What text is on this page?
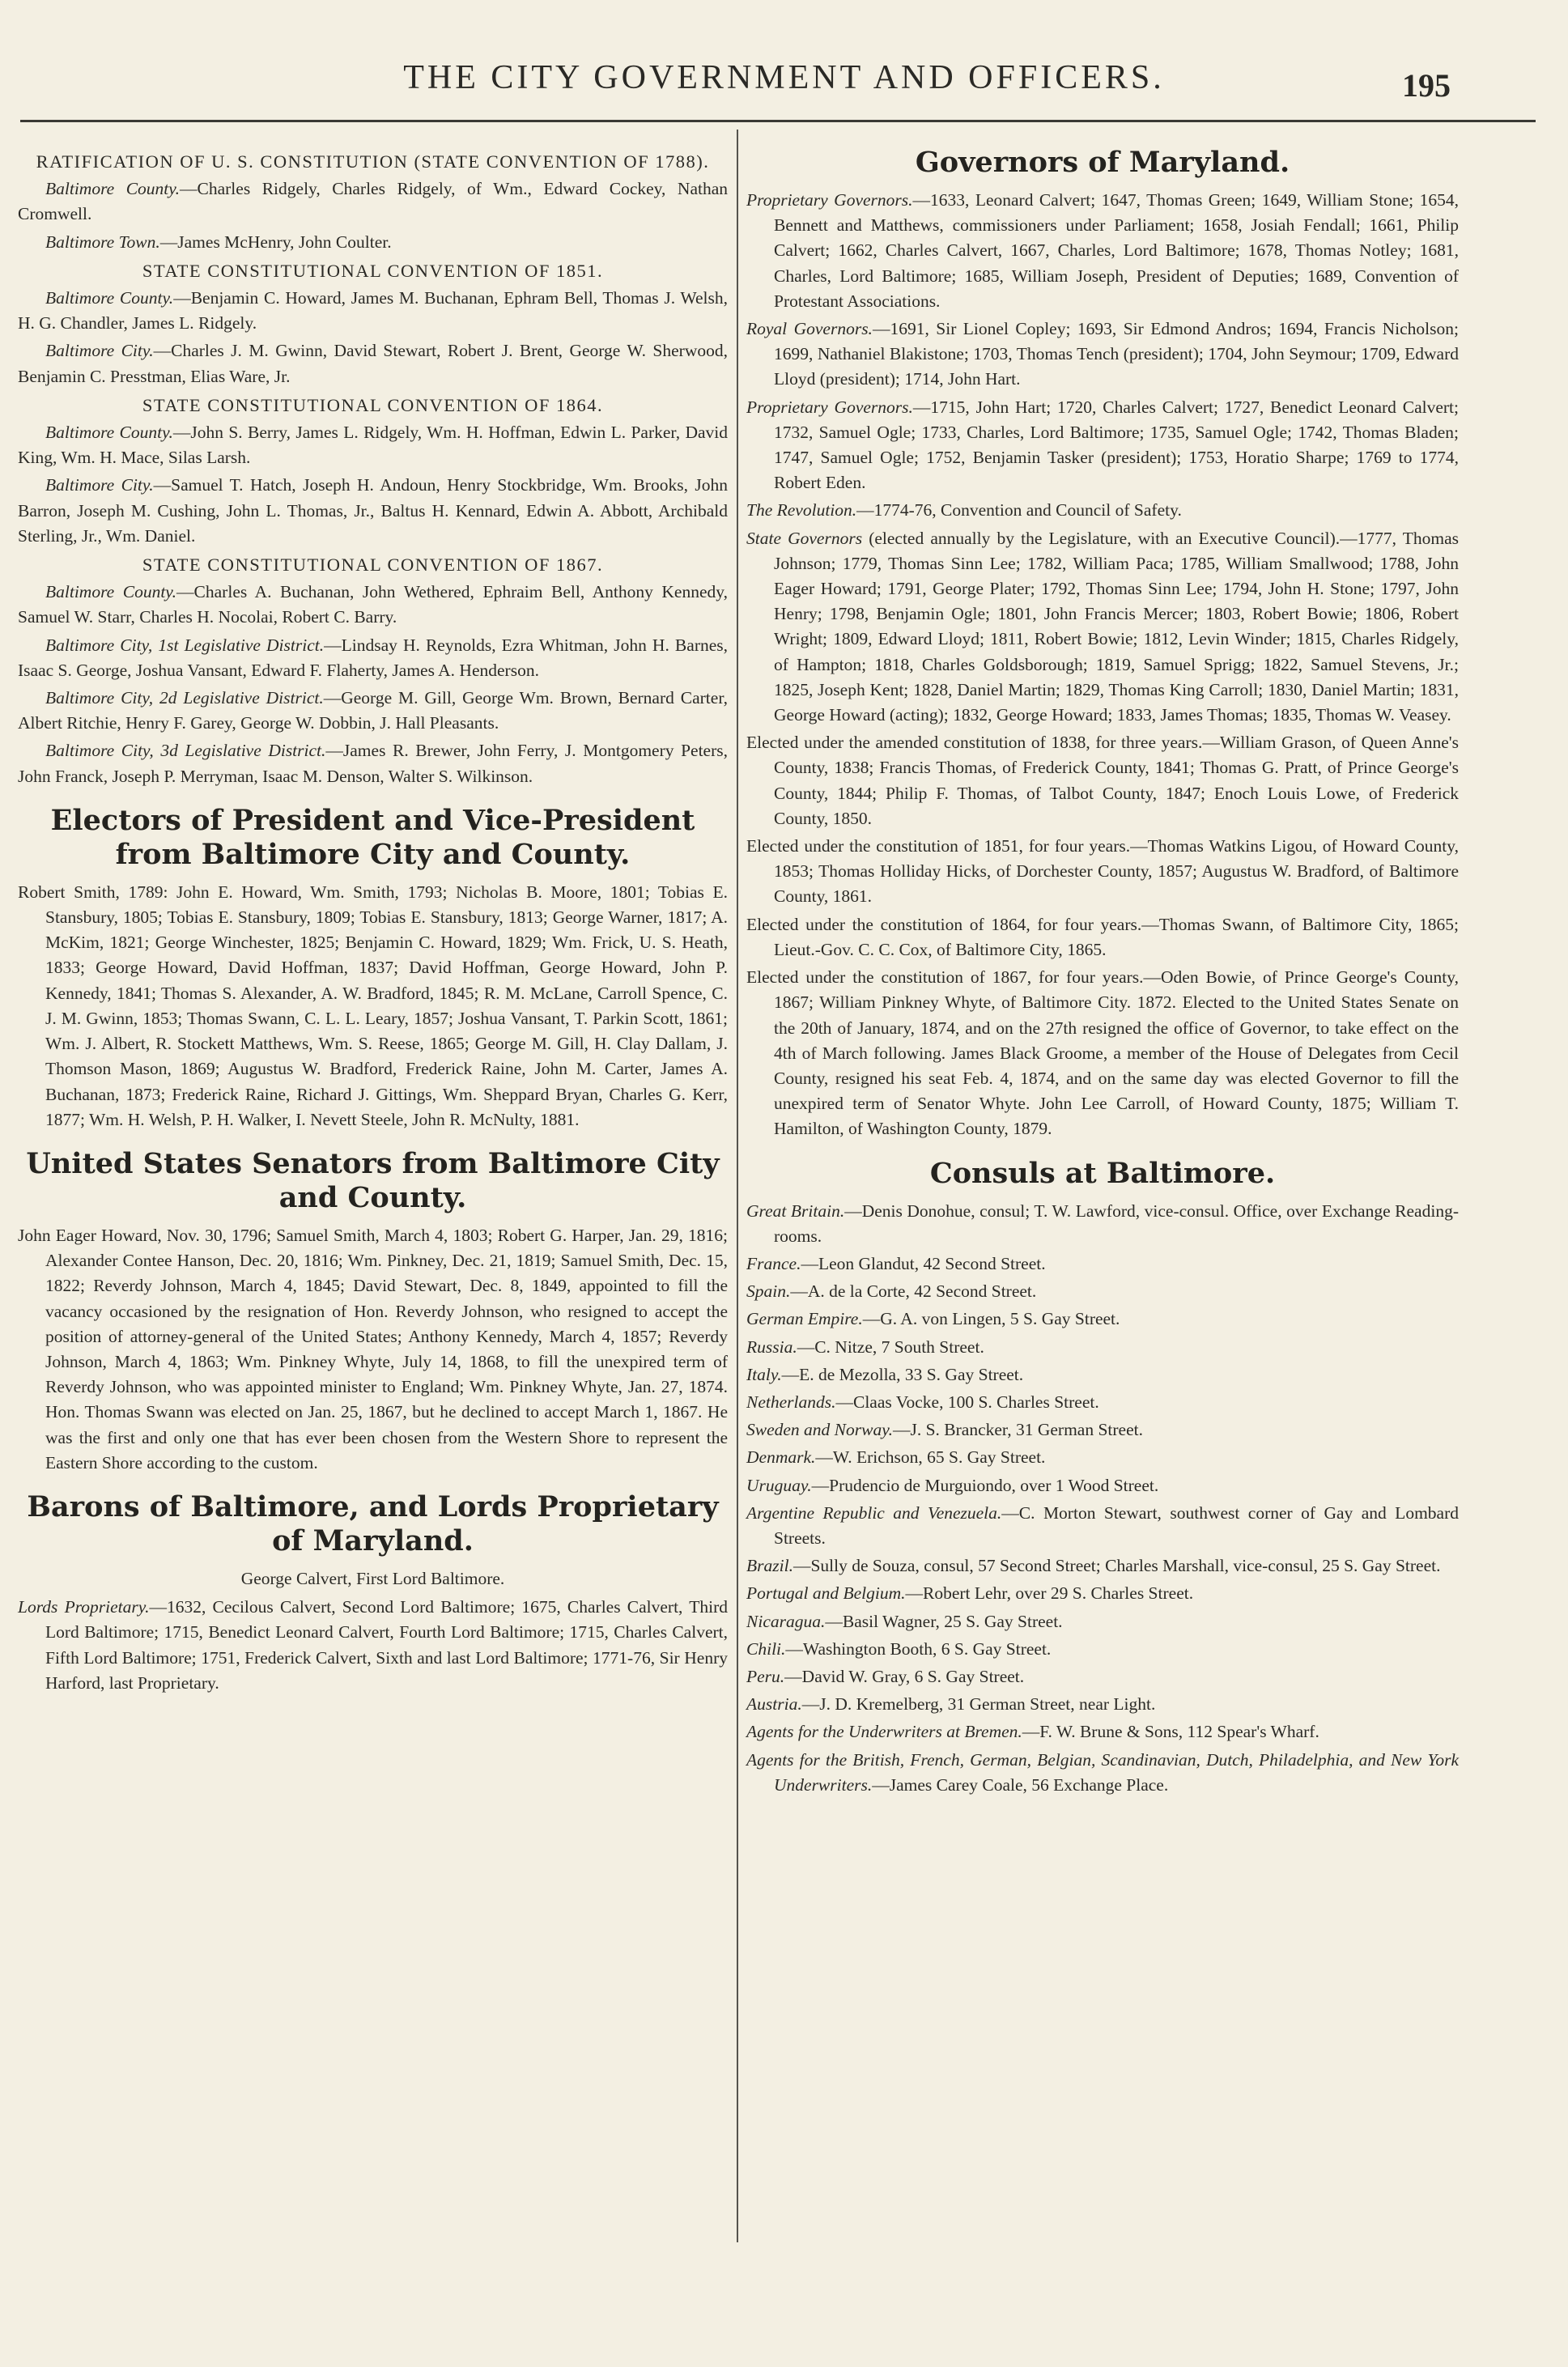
THE CITY GOVERNMENT AND OFFICERS.	195
RATIFICATION OF U. S. CONSTITUTION (STATE CONVENTION OF 1788).

Baltimore County.—Charles Ridgely, Charles Ridgely, of Wm., Edward Cockey, Nathan Cromwell.

Baltimore Town.—James McHenry, John Coulter.

STATE CONSTITUTIONAL CONVENTION OF 1851.

Baltimore County.—Benjamin C. Howard, James M. Buchanan, Ephram Bell, Thomas J. Welsh, H. G. Chandler, James L. Ridgely.

Baltimore City.—Charles J. M. Gwinn, David Stewart, Robert J. Brent, George W. Sherwood, Benjamin C. Presstman, Elias Ware, Jr.

STATE CONSTITUTIONAL CONVENTION OF 1864.

Baltimore County.—John S. Berry, James L. Ridgely, Wm. H. Hoffman, Edwin L. Parker, David King, Wm. H. Mace, Silas Larsh.

Baltimore City.—Samuel T. Hatch, Joseph H. Andoun, Henry Stockbridge, Wm. Brooks, John Barron, Joseph M. Cushing, John L. Thomas, Jr., Baltus H. Kennard, Edwin A. Abbott, Archibald Sterling, Jr., Wm. Daniel.

STATE CONSTITUTIONAL CONVENTION OF 1867.

Baltimore County.—Charles A. Buchanan, John Wethered, Ephraim Bell, Anthony Kennedy, Samuel W. Starr, Charles H. Nocolai, Robert C. Barry.

Baltimore City, 1st Legislative District.—Lindsay H. Reynolds, Ezra Whitman, John H. Barnes, Isaac S. George, Joshua Vansant, Edward F. Flaherty, James A. Henderson.

Baltimore City, 2d Legislative District.—George M. Gill, George Wm. Brown, Bernard Carter, Albert Ritchie, Henry F. Garey, George W. Dobbin, J. Hall Pleasants.

Baltimore City, 3d Legislative District.—James R. Brewer, John Ferry, J. Montgomery Peters, John Franck, Joseph P. Merryman, Isaac M. Denson, Walter S. Wilkinson.

Electors of President and Vice-President from Baltimore City and County.

Robert Smith, 1789: John E. Howard, Wm. Smith, 1793; Nicholas B. Moore, 1801; Tobias E. Stansbury, 1805; Tobias E. Stansbury, 1809; Tobias E. Stansbury, 1813; George Warner, 1817; A. McKim, 1821; George Winchester, 1825; Benjamin C. Howard, 1829; Wm. Frick, U. S. Heath, 1833; George Howard, David Hoffman, 1837; David Hoffman, George Howard, John P. Kennedy, 1841; Thomas S. Alexander, A. W. Bradford, 1845; R. M. McLane, Carroll Spence, C. J. M. Gwinn, 1853; Thomas Swann, C. L. L. Leary, 1857; Joshua Vansant, T. Parkin Scott, 1861; Wm. J. Albert, R. Stockett Matthews, Wm. S. Reese, 1865; George M. Gill, H. Clay Dallam, J. Thomson Mason, 1869; Augustus W. Bradford, Frederick Raine, John M. Carter, James A. Buchanan, 1873; Frederick Raine, Richard J. Gittings, Wm. Sheppard Bryan, Charles G. Kerr, 1877; Wm. H. Welsh, P. H. Walker, I. Nevett Steele, John R. McNulty, 1881.

United States Senators from Baltimore City and County.

John Eager Howard, Nov. 30, 1796; Samuel Smith, March 4, 1803; Robert G. Harper, Jan. 29, 1816; Alexander Contee Hanson, Dec. 20, 1816; Wm. Pinkney, Dec. 21, 1819; Samuel Smith, Dec. 15, 1822; Reverdy Johnson, March 4, 1845; David Stewart, Dec. 8, 1849, appointed to fill the vacancy occasioned by the resignation of Hon. Reverdy Johnson, who resigned to accept the position of attorney-general of the United States; Anthony Kennedy, March 4, 1857; Reverdy Johnson, March 4, 1863; Wm. Pinkney Whyte, July 14, 1868, to fill the unexpired term of Reverdy Johnson, who was appointed minister to England; Wm. Pinkney Whyte, Jan. 27, 1874. Hon. Thomas Swann was elected on Jan. 25, 1867, but he declined to accept March 1, 1867. He was the first and only one that has ever been chosen from the Western Shore to represent the Eastern Shore according to the custom.

Barons of Baltimore, and Lords Proprietary of Maryland.
George Calvert, First Lord Baltimore.

Lords Proprietary.—1632, Cecilous Calvert, Second Lord Baltimore; 1675, Charles Calvert, Third Lord Baltimore; 1715, Benedict Leonard Calvert, Fourth Lord Baltimore; 1715, Charles Calvert, Fifth Lord Baltimore; 1751, Frederick Calvert, Sixth and last Lord Baltimore; 1771-76, Sir Henry Harford, last Proprietary.

Governors of Maryland.

Proprietary Governors.—1633, Leonard Calvert; 1647, Thomas Green; 1649, William Stone; 1654, Bennett and Matthews, commissioners under Parliament; 1658, Josiah Fendall; 1661, Philip Calvert; 1662, Charles Calvert, 1667, Charles, Lord Baltimore; 1678, Thomas Notley; 1681, Charles, Lord Baltimore; 1685, William Joseph, President of Deputies; 1689, Convention of Protestant Associations.

Royal Governors.—1691, Sir Lionel Copley; 1693, Sir Edmond Andros; 1694, Francis Nicholson; 1699, Nathaniel Blakistone; 1703, Thomas Tench (president); 1704, John Seymour; 1709, Edward Lloyd (president); 1714, John Hart.

Proprietary Governors.—1715, John Hart; 1720, Charles Calvert; 1727, Benedict Leonard Calvert; 1732, Samuel Ogle; 1733, Charles, Lord Baltimore; 1735, Samuel Ogle; 1742, Thomas Bladen; 1747, Samuel Ogle; 1752, Benjamin Tasker (president); 1753, Horatio Sharpe; 1769 to 1774, Robert Eden.

The Revolution.—1774-76, Convention and Council of Safety.

State Governors (elected annually by the Legislature, with an Executive Council).—1777, Thomas Johnson; 1779, Thomas Sinn Lee; 1782, William Paca; 1785, William Smallwood; 1788, John Eager Howard; 1791, George Plater; 1792, Thomas Sinn Lee; 1794, John H. Stone; 1797, John Henry; 1798, Benjamin Ogle; 1801, John Francis Mercer; 1803, Robert Bowie; 1806, Robert Wright; 1809, Edward Lloyd; 1811, Robert Bowie; 1812, Levin Winder; 1815, Charles Ridgely, of Hampton; 1818, Charles Goldsborough; 1819, Samuel Sprigg; 1822, Samuel Stevens, Jr.; 1825, Joseph Kent; 1828, Daniel Martin; 1829, Thomas King Carroll; 1830, Daniel Martin; 1831, George Howard (acting); 1832, George Howard; 1833, James Thomas; 1835, Thomas W. Veasey.

Elected under the amended constitution of 1838, for three years.—William Grason, of Queen Anne's County, 1838; Francis Thomas, of Frederick County, 1841; Thomas G. Pratt, of Prince George's County, 1844; Philip F. Thomas, of Talbot County, 1847; Enoch Louis Lowe, of Frederick County, 1850.

Elected under the constitution of 1851, for four years.—Thomas Watkins Ligou, of Howard County, 1853; Thomas Holliday Hicks, of Dorchester County, 1857; Augustus W. Bradford, of Baltimore County, 1861.

Elected under the constitution of 1864, for four years.—Thomas Swann, of Baltimore City, 1865; Lieut.-Gov. C. C. Cox, of Baltimore City, 1865.

Elected under the constitution of 1867, for four years.—Oden Bowie, of Prince George's County, 1867; William Pinkney Whyte, of Baltimore City. 1872. Elected to the United States Senate on the 20th of January, 1874, and on the 27th resigned the office of Governor, to take effect on the 4th of March following. James Black Groome, a member of the House of Delegates from Cecil County, resigned his seat Feb. 4, 1874, and on the same day was elected Governor to fill the unexpired term of Senator Whyte. John Lee Carroll, of Howard County, 1875; William T. Hamilton, of Washington County, 1879.

Consuls at Baltimore.

Great Britain.—Denis Donohue, consul; T. W. Lawford, vice-consul. Office, over Exchange Reading-rooms.

France.—Leon Glandut, 42 Second Street.

Spain.—A. de la Corte, 42 Second Street.

German Empire.—G. A. von Lingen, 5 S. Gay Street.

Russia.—C. Nitze, 7 South Street.

Italy.—E. de Mezolla, 33 S. Gay Street.

Netherlands.—Claas Vocke, 100 S. Charles Street.

Sweden and Norway.—J. S. Brancker, 31 German Street.

Denmark.—W. Erichson, 65 S. Gay Street.

Uruguay.—Prudencio de Murguiondo, over 1 Wood Street.

Argentine Republic and Venezuela.—C. Morton Stewart, southwest corner of Gay and Lombard Streets.

Brazil.—Sully de Souza, consul, 57 Second Street; Charles Marshall, vice-consul, 25 S. Gay Street.

Portugal and Belgium.—Robert Lehr, over 29 S. Charles Street.

Nicaragua.—Basil Wagner, 25 S. Gay Street.

Chili.—Washington Booth, 6 S. Gay Street.

Peru.—David W. Gray, 6 S. Gay Street.

Austria.—J. D. Kremelberg, 31 German Street, near Light.

Agents for the Underwriters at Bremen.—F. W. Brune & Sons, 112 Spear's Wharf.

Agents for the British, French, German, Belgian, Scandinavian, Dutch, Philadelphia, and New York Underwriters.—James Carey Coale, 56 Exchange Place.
